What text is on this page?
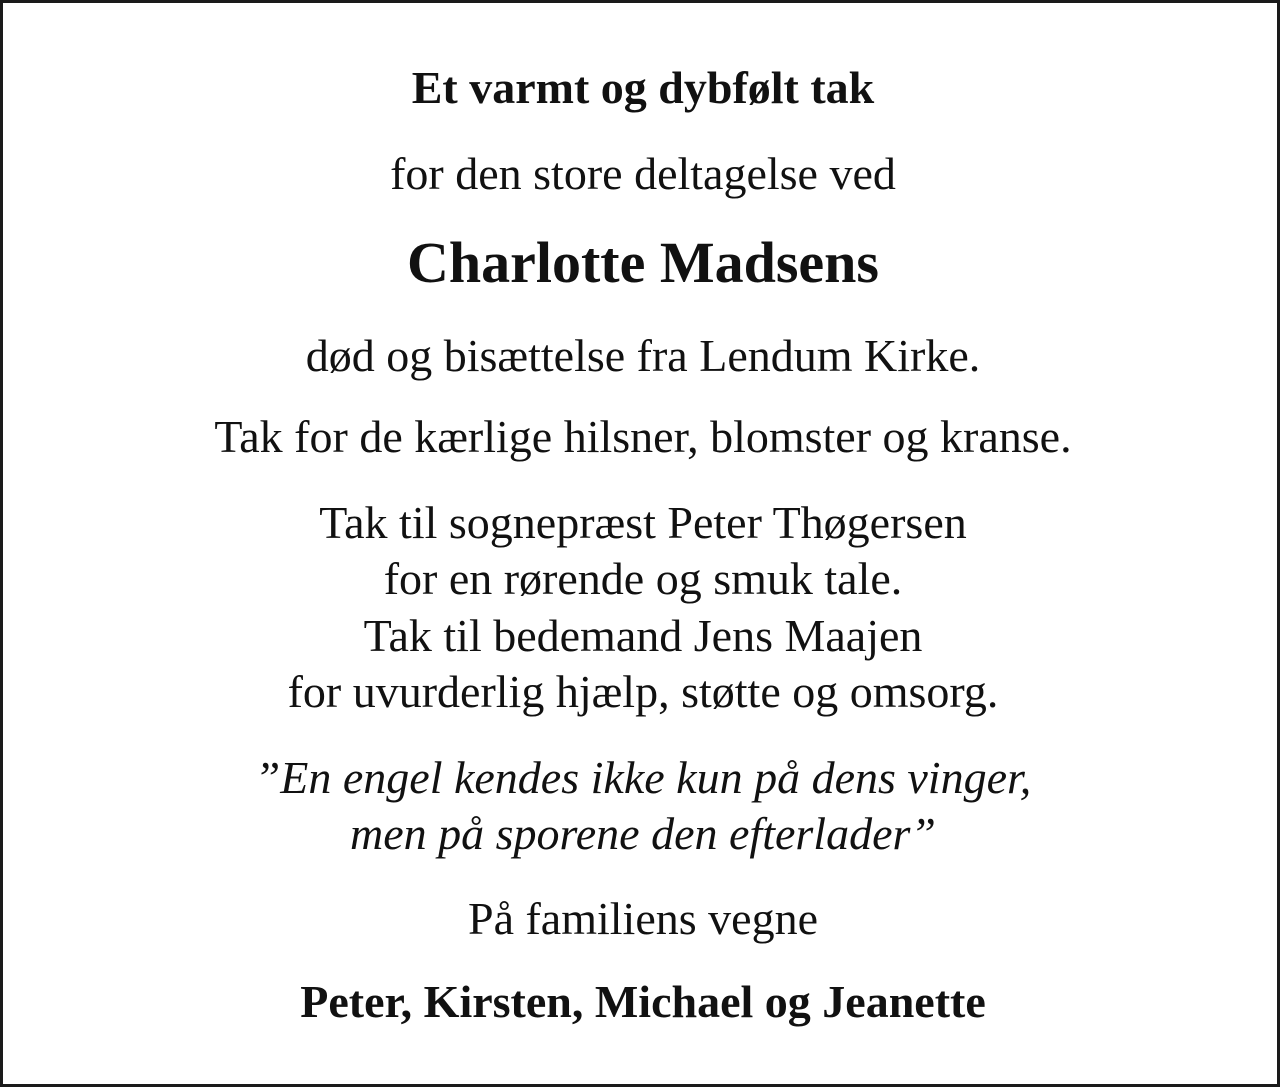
Et varmt og dybfølt tak
for den store deltagelse ved
Charlotte Madsens
død og bisættelse fra Lendum Kirke.
Tak for de kærlige hilsner, blomster og kranse.
Tak til sognepræst Peter Thøgersen
for en rørende og smuk tale.
Tak til bedemand Jens Maajen
for uvurderlig hjælp, støtte og omsorg.
”En engel kendes ikke kun på dens vinger,
men på sporene den efterlader”
På familiens vegne
Peter, Kirsten, Michael og Jeanette
